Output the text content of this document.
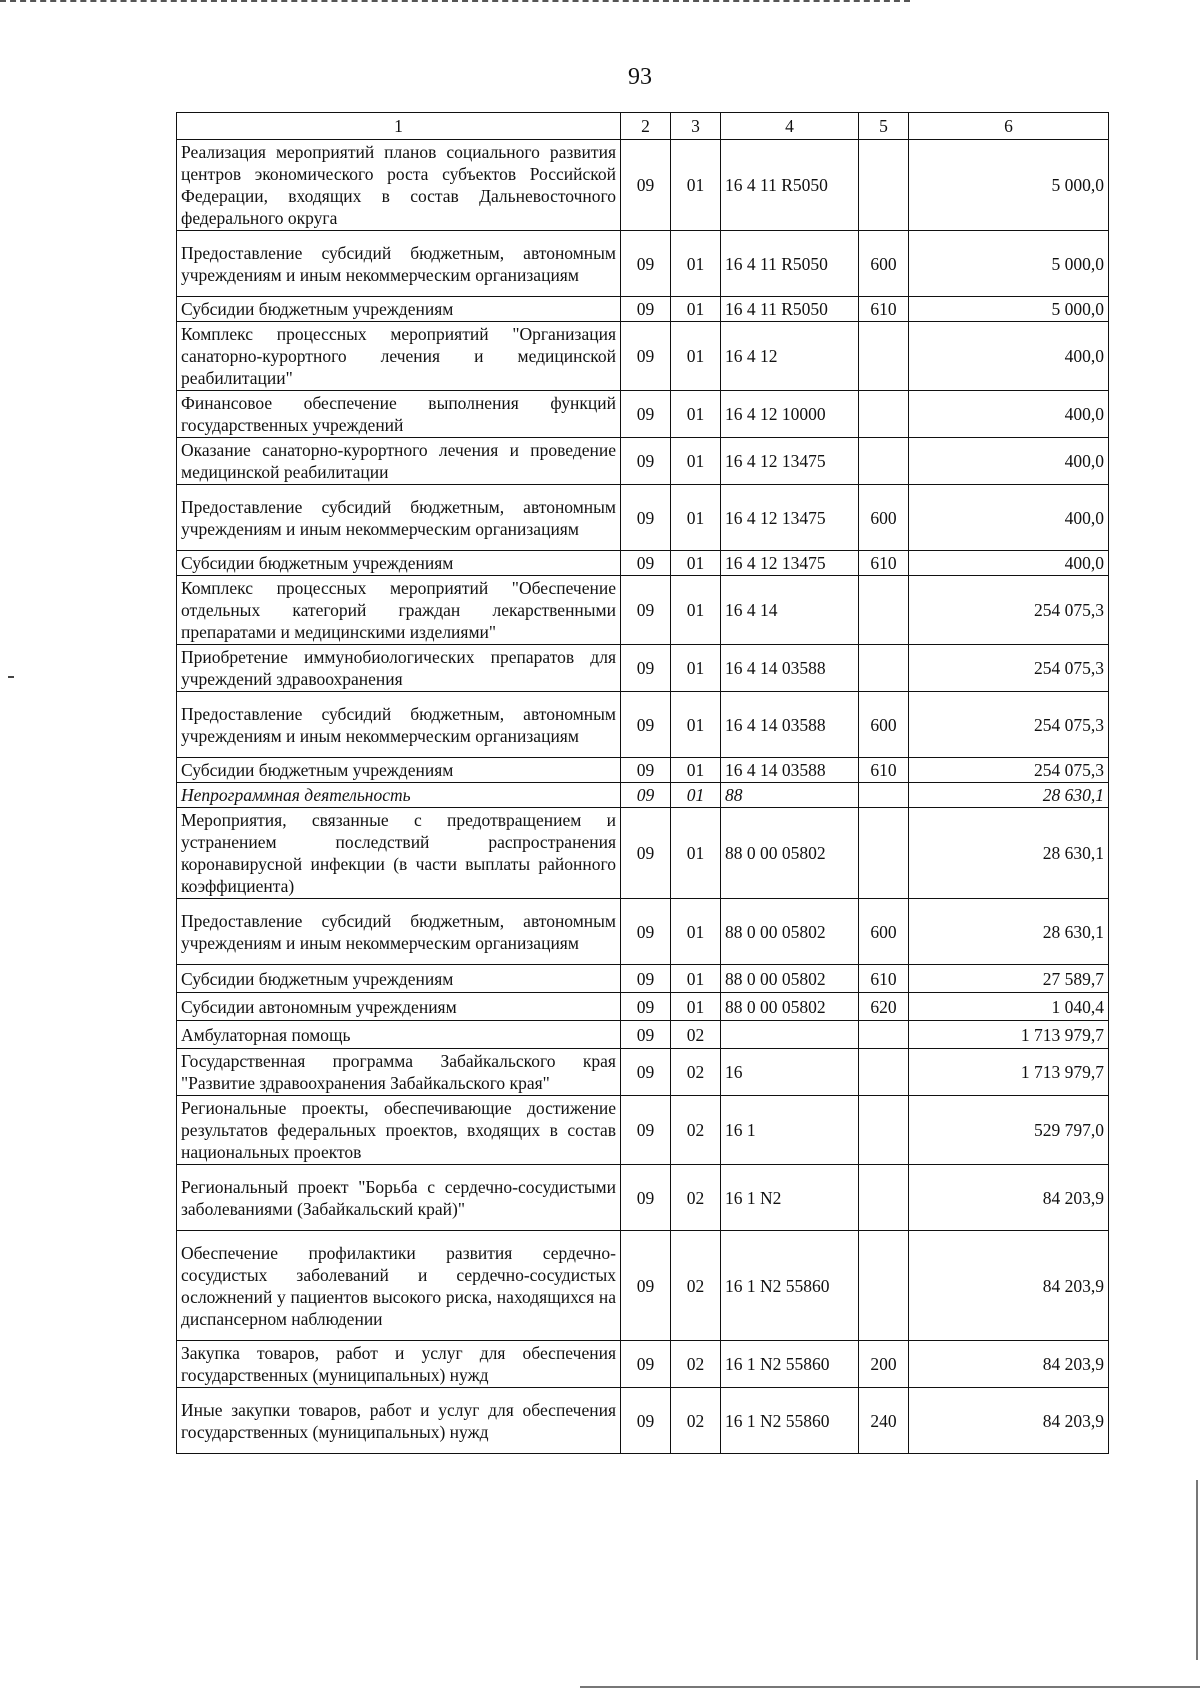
93
1	2	3	4	5	6
Реализация мероприятий планов социального развития центров экономического роста субъектов Российской Федерации, входящих в состав Дальневосточного федерального округа	09	01	16 4 11 R5050		5 000,0
Предоставление субсидий бюджетным, автономным учреждениям и иным некоммерческим организациям	09	01	16 4 11 R5050	600	5 000,0
Субсидии бюджетным учреждениям	09	01	16 4 11 R5050	610	5 000,0
Комплекс процессных мероприятий "Организация санаторно-курортного лечения и медицинской реабилитации"	09	01	16 4 12		400,0
Финансовое обеспечение выполнения функций государственных учреждений	09	01	16 4 12 10000		400,0
Оказание санаторно-курортного лечения и проведение медицинской реабилитации	09	01	16 4 12 13475		400,0
Предоставление субсидий бюджетным, автономным учреждениям и иным некоммерческим организациям	09	01	16 4 12 13475	600	400,0
Субсидии бюджетным учреждениям	09	01	16 4 12 13475	610	400,0
Комплекс процессных мероприятий "Обеспечение отдельных категорий граждан лекарственными препаратами и медицинскими изделиями"	09	01	16 4 14		254 075,3
Приобретение иммунобиологических препаратов для учреждений здравоохранения	09	01	16 4 14 03588		254 075,3
Предоставление субсидий бюджетным, автономным учреждениям и иным некоммерческим организациям	09	01	16 4 14 03588	600	254 075,3
Субсидии бюджетным учреждениям	09	01	16 4 14 03588	610	254 075,3
Непрограммная деятельность	09	01	88		28 630,1
Мероприятия, связанные с предотвращением и устранением последствий распространения коронавирусной инфекции (в части выплаты районного коэффициента)	09	01	88 0 00 05802		28 630,1
Предоставление субсидий бюджетным, автономным учреждениям и иным некоммерческим организациям	09	01	88 0 00 05802	600	28 630,1
Субсидии бюджетным учреждениям	09	01	88 0 00 05802	610	27 589,7
Субсидии автономным учреждениям	09	01	88 0 00 05802	620	1 040,4
Амбулаторная помощь	09	02			1 713 979,7
Государственная программа Забайкальского края "Развитие здравоохранения Забайкальского края"	09	02	16		1 713 979,7
Региональные проекты, обеспечивающие достижение результатов федеральных проектов, входящих в состав национальных проектов	09	02	16 1		529 797,0
Региональный проект "Борьба с сердечно-сосудистыми заболеваниями (Забайкальский край)"	09	02	16 1 N2		84 203,9
Обеспечение профилактики развития сердечно-сосудистых заболеваний и сердечно-сосудистых осложнений у пациентов высокого риска, находящихся на диспансерном наблюдении	09	02	16 1 N2 55860		84 203,9
Закупка товаров, работ и услуг для обеспечения государственных (муниципальных) нужд	09	02	16 1 N2 55860	200	84 203,9
Иные закупки товаров, работ и услуг для обеспечения государственных (муниципальных) нужд	09	02	16 1 N2 55860	240	84 203,9
